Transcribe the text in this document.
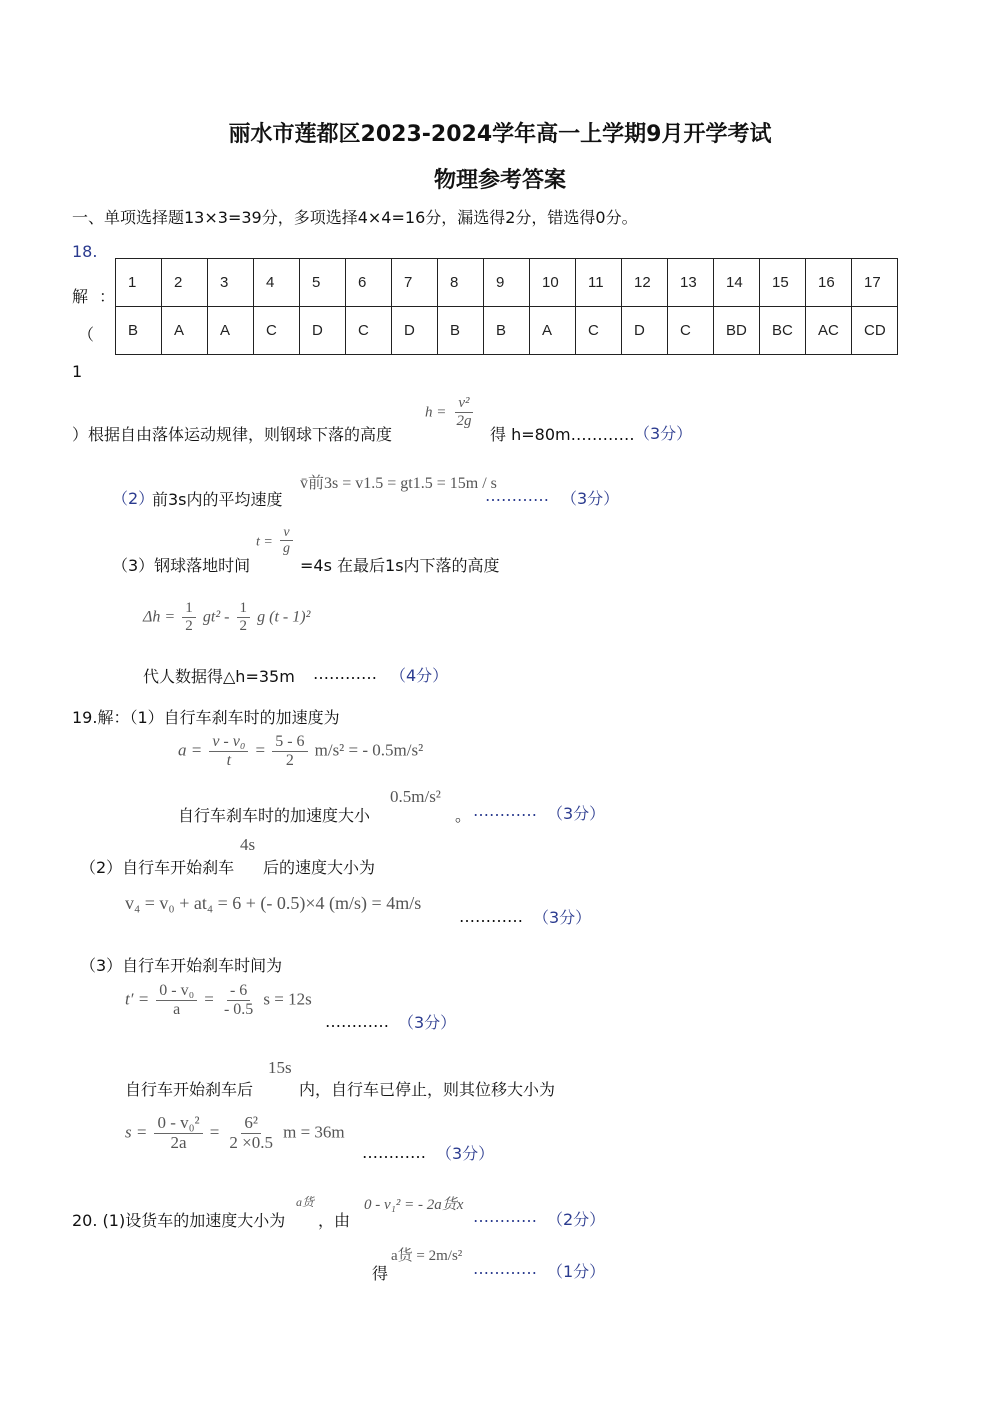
丽水市莲都区2023-2024学年高一上学期9月开学考试
物理参考答案
一、单项选择题13×3=39分，多项选择4×4=16分，漏选得2分，错选得0分。
18.
解 ：
（
1
1	2	3	4	5	6	7	8	9	10	11	12	13	14	15	16	17
B	A	A	C	D	C	D	B	B	A	C	D	C	BD	BC	AC	CD
）根据自由落体运动规律，则钢球下落的高度
$h = \frac{\text{v²}}{2g}$
得 h=80m………… （3分）
（2）
前3s内的平均速度
v̄前3s = v1.5 = gt1.5 = 15m / s
………… （3分）
（3）钢球落地时间
$t = \frac{v}{g}$
=4s 在最后1s内下落的高度
$\Delta h = \frac{1}{2} gt^2 - \frac{1}{2}$ g (t - 1)²
代人数据得△h=35m ………… （4分）
19.解：（1）自行车刹车时的加速度为
$a = \frac{\text{v - v₀}}{t} = \frac{5 - 6}{2} m/s^2$ = - 0.5m/s²
自行车刹车时的加速度大小
0.5m/s²
。 ………… （3分）
（2）自行车开始刹车
4s
后的速度大小为
v₄ = v₀ + at₄ = 6 + (- 0.5)×4 (m/s) = 4m/s
………… （3分）
（3）自行车开始刹车时间为
$t' = \frac{\text{0 - v₀}}{a} = \frac{- 6}{- 0.5}$ s = 12s
………… （3分）
自行车开始刹车后
15s
内，自行车已停止，则其位移大小为
$s = \frac{\text{0 - v₀²}}{2a} = \frac{\text{6²}}{2 \times 0.5}$ m = 36m
………… （3分）
20. (1)设货车的加速度大小为
a货
，由
0 - v₁² = - 2a货x
………… （2分）
得
a货 = 2m/s²
………… （1分）
